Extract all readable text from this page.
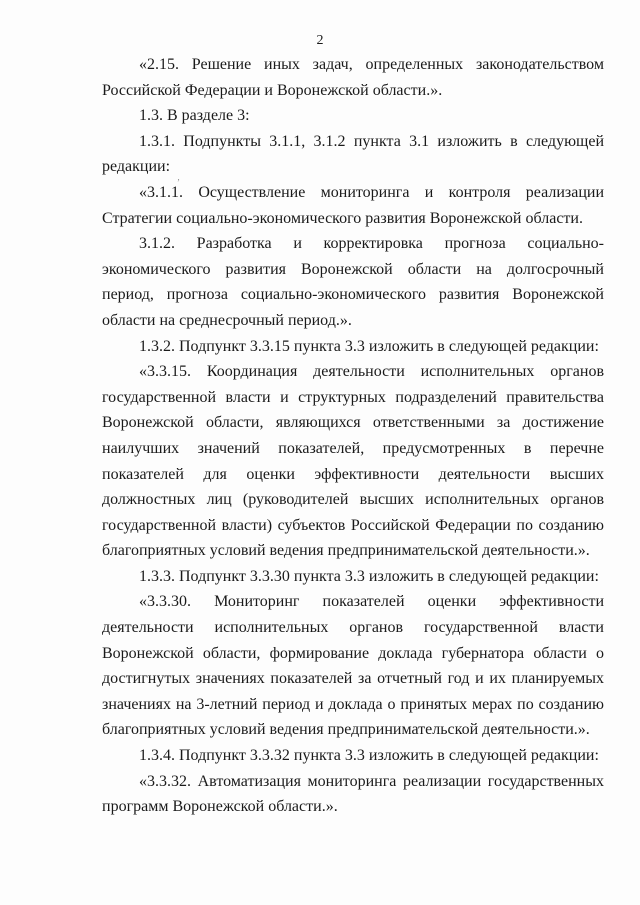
2
‚

«2.15. Решение иных задач, определенных законодательством Российской Федерации и Воронежской области.».

1.3. В разделе 3:

1.3.1. Подпункты 3.1.1, 3.1.2 пункта 3.1 изложить в следующей редакции:

«3.1.1. Осуществление мониторинга и контроля реализации Стратегии социально-экономического развития Воронежской области.

3.1.2. Разработка и корректировка прогноза социально-экономического развития Воронежской области на долгосрочный период, прогноза социально-экономического развития Воронежской области на среднесрочный период.».

1.3.2. Подпункт 3.3.15 пункта 3.3 изложить в следующей редакции:

«3.3.15. Координация деятельности исполнительных органов государственной власти и структурных подразделений правительства Воронежской области, являющихся ответственными за достижение наилучших значений показателей, предусмотренных в перечне показателей для оценки эффективности деятельности высших должностных лиц (руководителей высших исполнительных органов государственной власти) субъектов Российской Федерации по созданию благоприятных условий ведения предпринимательской деятельности.».

1.3.3. Подпункт 3.3.30 пункта 3.3 изложить в следующей редакции:

«3.3.30. Мониторинг показателей оценки эффективности деятельности исполнительных органов государственной власти Воронежской области, формирование доклада губернатора области о достигнутых значениях показателей за отчетный год и их планируемых значениях на 3-летний период и доклада о принятых мерах по созданию благоприятных условий ведения предпринимательской деятельности.».

1.3.4. Подпункт 3.3.32 пункта 3.3 изложить в следующей редакции:

«3.3.32. Автоматизация мониторинга реализации государственных программ Воронежской области.».
